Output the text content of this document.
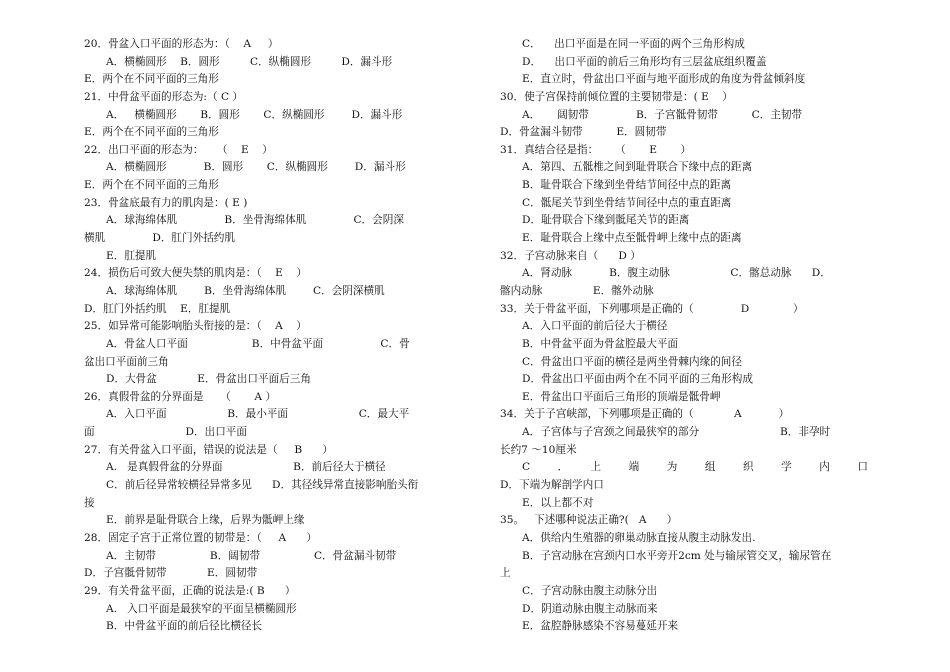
20．骨盆入口平面的形态为：（    A     ）
A．横椭圆形    B．圆形         C．纵椭圆形         D．漏斗形
E．两个在不同平面的三角形
21．中骨盆平面的形态为:（ C ）
A．   横椭圆形       B．圆形       C．纵椭圆形        D．漏斗形
E．两个在不同平面的三角形
22．出口平面的形态为：    （    E    ）
A．横椭圆形           B．圆形       C．纵椭圆形        D．漏斗形
E．两个在不同平面的三角形
23．骨盆底最有力的肌肉是：( E )
A．球海绵体肌              B．坐骨海绵体肌              C．会阴深
横肌              D．肛门外括约肌
E．肛提肌
24．损伤后可致大便失禁的肌肉是：（    E    ）
A．球海绵体肌        B．坐骨海绵体肌        C．会阴深横肌
D．肛门外括约肌    E．肛提肌
25．如异常可能影响胎头衔接的是：（    A    ）
A．骨盆人口平面                   B．中骨盆平面                 C．骨
盆出口平面前三角
D．大骨盆            E．骨盆出口平面后三角
26．真假骨盆的分界面是     （       A ）
A．入口平面                  B．最小平面                     C．最大平
面                           D．出口平面
27．有关骨盆入口平面，错误的说法是（     B      ）
A.   是真假骨盆的分界面                     B．前后径大于横径
C．前后径异常较横径异常多见      D．其径线异常直接影响胎头衔
接
E．前界是耻骨联合上缘，后界为骶岬上缘
28．固定子宫于正常位置的韧带是：（     A      ）
A．主韧带                B．阔韧带                C．骨盆漏斗韧带
D．子宫骶骨韧带            E．圆韧带
29．有关骨盆平面，正确的说法是:( B      ）
A.   入口平面是最狭窄的平面呈横椭圆形
B．中骨盆平面的前后径比横径长
C．    出口平面是在同一平面的两个三角形构成
D．    出口平面的前后三角形均有三层盆底组织覆盖
E．直立时，骨盆出口平面与地平面形成的角度为骨盆倾斜度
30．使子宫保持前倾位置的主要韧带是：( E    ）
A．     阔韧带              B．子宫骶骨韧带          C．主韧带
D．骨盆漏斗韧带          E．圆韧带
31．真结合径是指：     （       E       ）
A．第四、五骶椎之间到耻骨联合下缘中点的距离
B．耻骨联合下缘到坐骨结节间径中点的距离
C．骶尾关节到坐骨结节间径中点的重直距离
D．耻骨联合下缘到骶尾关节的距离
E．耻骨联合上缘中点至骶骨岬上缘中点的距离
32．子宫动脉来自（      D ）
A．肾动脉           B．腹主动脉                  C．髂总动脉      D．
髂内动脉               E．髂外动脉
33．关于骨盆平面，下列哪项是正确的（              D             ）
A．入口平面的前后径大于横径
B．中骨盆平面为骨盆腔最大平面
C．骨盆出口平面的横径是两坐骨棘内缘的间径
D．骨盆出口平面由两个在不同平面的三角形构成
E．骨盆出口平面后三角形的顶端是骶骨岬
34．关于子宫峡部，下列哪项是正确的（            A           ）
A．子宫体与子宫颈之间最狭窄的部分                        B．非孕时
长约7 ～10厘米
C　．　上　端　为　组　织　学　内　口
D．下端为解剖学内口
E．以上都不对
35。   下述哪种说法正确?(   A      ）
A．供给内生殖器的卵巢动脉直接从腹主动脉发出.
B．子宫动脉在宫颈内口水平旁开2cm 处与输尿管交叉，输尿管在
上
C．子宫动脉由腹主动脉分出
D．阴道动脉由腹主动脉而来
E．盆腔静脉感染不容易蔓延开来
